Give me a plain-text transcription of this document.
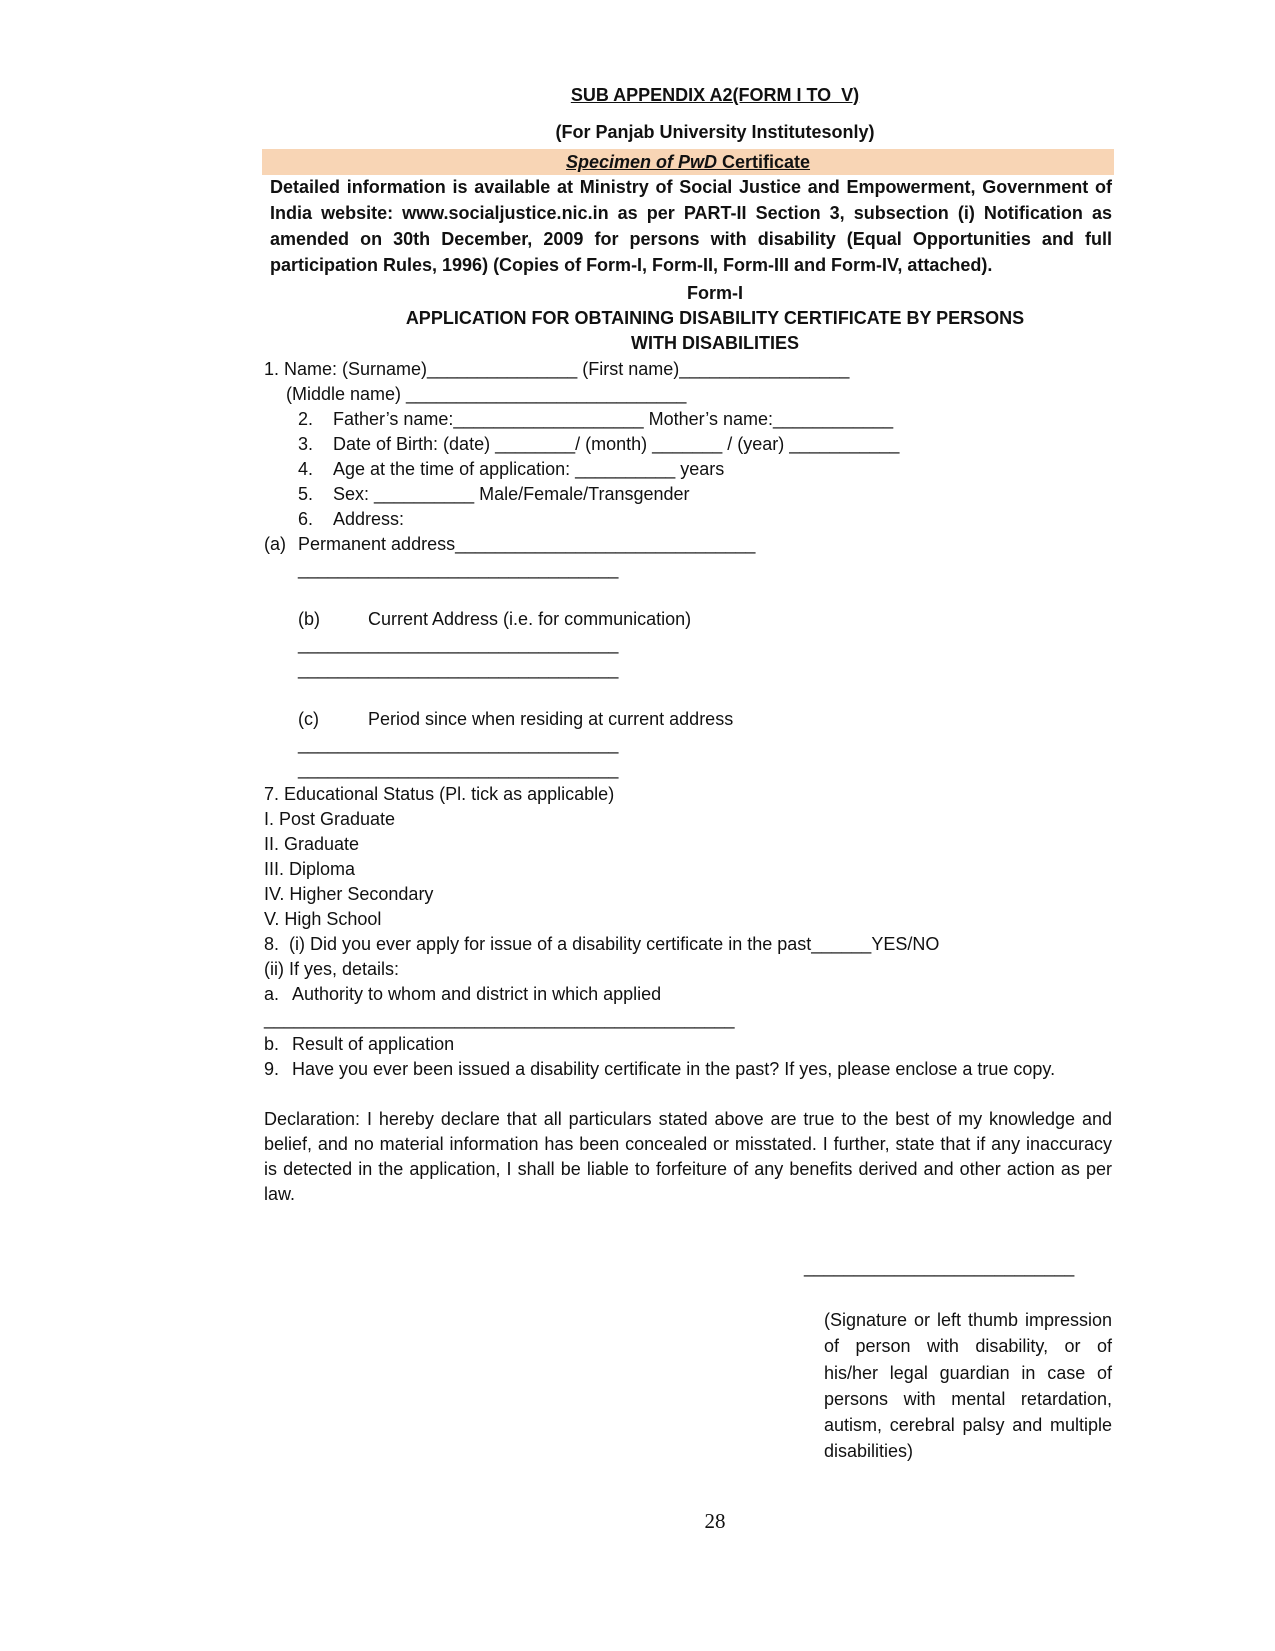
SUB APPENDIX A2(FORM I TO  V)
(For Panjab University Institutesonly)
Specimen of PwD Certificate
Detailed information is available at Ministry of Social Justice and Empowerment, Government of India website: www.socialjustice.nic.in as per PART-II Section 3, subsection (i) Notification as amended on 30th December, 2009 for persons with disability (Equal Opportunities and full participation Rules, 1996) (Copies of Form-I, Form-II, Form-III and Form-IV, attached).
Form-I
APPLICATION FOR OBTAINING DISABILITY CERTIFICATE BY PERSONS
WITH DISABILITIES
1. Name: (Surname)_______________ (First name)_________________
(Middle name) ____________________________
2. Father’s name:___________________ Mother’s name:____________
3. Date of Birth: (date) ________/ (month) _______ / (year) ___________
4. Age at the time of application: __________ years
5. Sex: __________ Male/Female/Transgender
6. Address:
(a) Permanent address______________________________
________________________________
(b)	Current Address (i.e. for communication)
________________________________
________________________________
(c)	Period since when residing at current address
________________________________
________________________________
7. Educational Status (Pl. tick as applicable)
I. Post Graduate
II. Graduate
III. Diploma
IV. Higher Secondary
V. High School
8.  (i) Did you ever apply for issue of a disability certificate in the past______YES/NO
(ii) If yes, details:
a. Authority to whom and district in which applied
_______________________________________________
b. Result of application
9. Have you ever been issued a disability certificate in the past? If yes, please enclose a true copy.
Declaration: I hereby declare that all particulars stated above are true to the best of my knowledge and belief, and no material information has been concealed or misstated. I further, state that if any inaccuracy is detected in the application, I shall be liable to forfeiture of any benefits derived and other action as per law.
___________________________
(Signature or left thumb impression of person with disability, or of his/her legal guardian in case of persons with mental retardation, autism, cerebral palsy and multiple disabilities)
28
